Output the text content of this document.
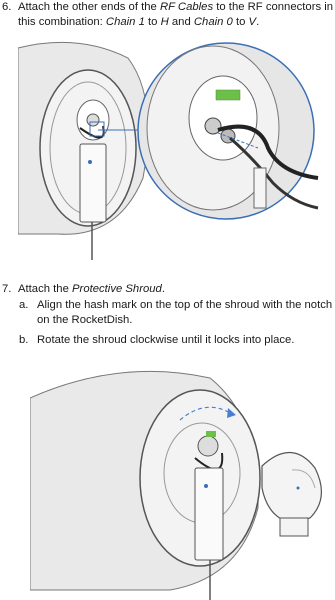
6. Attach the other ends of the RF Cables to the RF connectors in this combination: Chain 1 to H and Chain 0 to V.
7. Attach the Protective Shroud.
a. Align the hash mark on the top of the shroud with the notch on the RocketDish.
b. Rotate the shroud clockwise until it locks into place.
